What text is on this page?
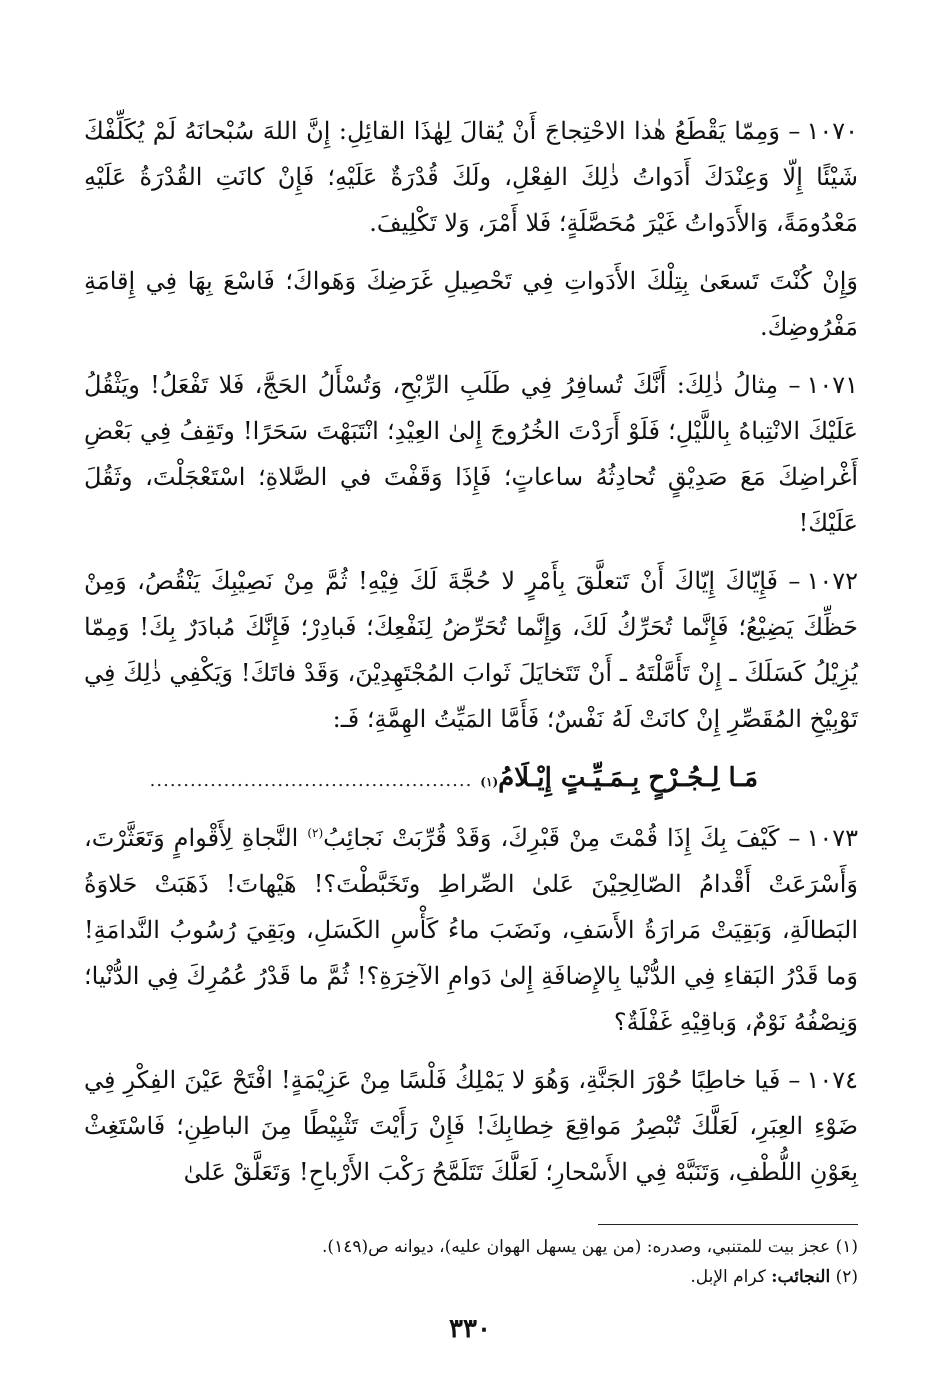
١٠٧٠– وَمِمّا يَقْطَعُ هٰذا الاحْتِجاجَ أَنْ يُقالَ لِهٰذَا القائِلِ: إِنَّ اللهَ سُبْحانَهُ لَمْ يُكَلِّفْكَ شَيْئًا إِلّا وَعِنْدَكَ أَدَواتُ ذٰلِكَ الفِعْلِ، ولَكَ قُدْرَةٌ عَلَيْهِ؛ فَإِنْ كانَتِ القُدْرَةُ عَلَيْهِ مَعْدُومَةً، وَالأَدَواتُ غَيْرَ مُحَصَّلَةٍ؛ فَلا أَمْرَ، وَلا تَكْلِيفَ.

وَإِنْ كُنْتَ تَسعَىٰ بِتِلْكَ الأَدَواتِ فِي تَحْصِيلِ غَرَضِكَ وَهَواكَ؛ فَاسْعَ بِهَا فِي إِقامَةِ مَفْرُوضِكَ.

١٠٧١– مِثالُ ذٰلِكَ: أَنَّكَ تُسافِرُ فِي طَلَبِ الرِّبْحِ، وَتُسْأَلُ الحَجَّ، فَلا تَفْعَلُ! ويَثْقُلُ عَلَيْكَ الانْتِباهُ بِاللَّيْلِ؛ فَلَوْ أَرَدْتَ الخُرُوجَ إِلىٰ العِيْدِ؛ انْتَبَهْتَ سَحَرًا! وتَقِفُ فِي بَعْضِ أَغْراضِكَ مَعَ صَدِيْقٍ تُحادِثُهُ ساعاتٍ؛ فَإِذَا وَقَفْتَ في الصَّلاةِ؛ اسْتَعْجَلْتَ، وثَقُلَ عَلَيْكَ!

١٠٧٢– فَإِيّاكَ إِيّاكَ أَنْ تَتعلَّقَ بِأَمْرٍ لا حُجَّةَ لَكَ فِيْهِ! ثُمَّ مِنْ نَصِيْبِكَ يَنْقُصُ، وَمِنْ حَظِّكَ يَضِيْعُ؛ فَإِنَّما تُحَرِّكُ لَكَ، وَإِنَّما تُحَرِّضُ لِنَفْعِكَ؛ فَبادِرْ؛ فَإِنَّكَ مُبادَرٌ بِكَ! وَمِمّا يُزِيْلُ كَسَلَكَ ـ إِنْ تَأَمَّلْتَهُ ـ أَنْ تَتَخايَلَ ثَوابَ المُجْتَهِدِيْنَ، وَقَدْ فاتَكَ! وَيَكْفِي ذٰلِكَ فِي تَوْبِيْخِ المُقَصِّرِ إِنْ كانَتْ لَهُ نَفْسٌ؛ فَأَمَّا المَيِّتُ الهِمَّةِ؛ فَـ:

مَـا لِـجُـرْحٍ بِـمَـيِّـتٍ إِيْـلَامُ
(١)
................................................

١٠٧٣– كَيْفَ بِكَ إِذَا قُمْتَ مِنْ قَبْرِكَ، وَقَدْ قُرِّبَتْ نَجائِبُ$^{(٢)}$ النَّجاةِ لِأَقْوامٍ وَتَعَثَّرْتَ، وَأَسْرَعَتْ أَقْدامُ الصّالِحِيْنَ عَلىٰ الصِّراطِ وتَخَبَّطْتَ؟! هَيْهاتَ! ذَهَبَتْ حَلاوَةُ البَطالَةِ، وَبَقِيَتْ مَرارَةُ الأَسَفِ، ونَضَبَ ماءُ كَأْسِ الكَسَلِ، وبَقِيَ رُسُوبُ النَّدامَةِ! وَما قَدْرُ البَقاءِ فِي الدُّنْيا بِالإِضافَةِ إِلىٰ دَوامِ الآخِرَةِ؟! ثُمَّ ما قَدْرُ عُمُرِكَ فِي الدُّنْيا؛ وَنِصْفُهُ نَوْمٌ، وَباقِيْهِ غَفْلَةٌ؟

١٠٧٤– فَيا خاطِبًا حُوْرَ الجَنَّةِ، وَهُوَ لا يَمْلِكُ فَلْسًا مِنْ عَزِيْمَةٍ! افْتَحْ عَيْنَ الفِكْرِ فِي ضَوْءِ العِبَرِ، لَعَلَّكَ تُبْصِرُ مَواقِعَ خِطابِكَ! فَإِنْ رَأَيْتَ تَثْبِيْطًا مِنَ الباطِنِ؛ فَاسْتَغِثْ بِعَوْنِ اللُّطْفِ، وَتَنَبَّهْ فِي الأَسْحارِ؛ لَعَلَّكَ تَتَلَمَّحُ رَكْبَ الأَرْباحِ! وَتَعَلَّقْ عَلىٰ

(١) عجز بيت للمتنبي، وصدره: (من يهن يسهل الهوان عليه)، ديوانه ص(١٤٩).

(٢) النجائب: كرام الإبل.

٣٣٠
